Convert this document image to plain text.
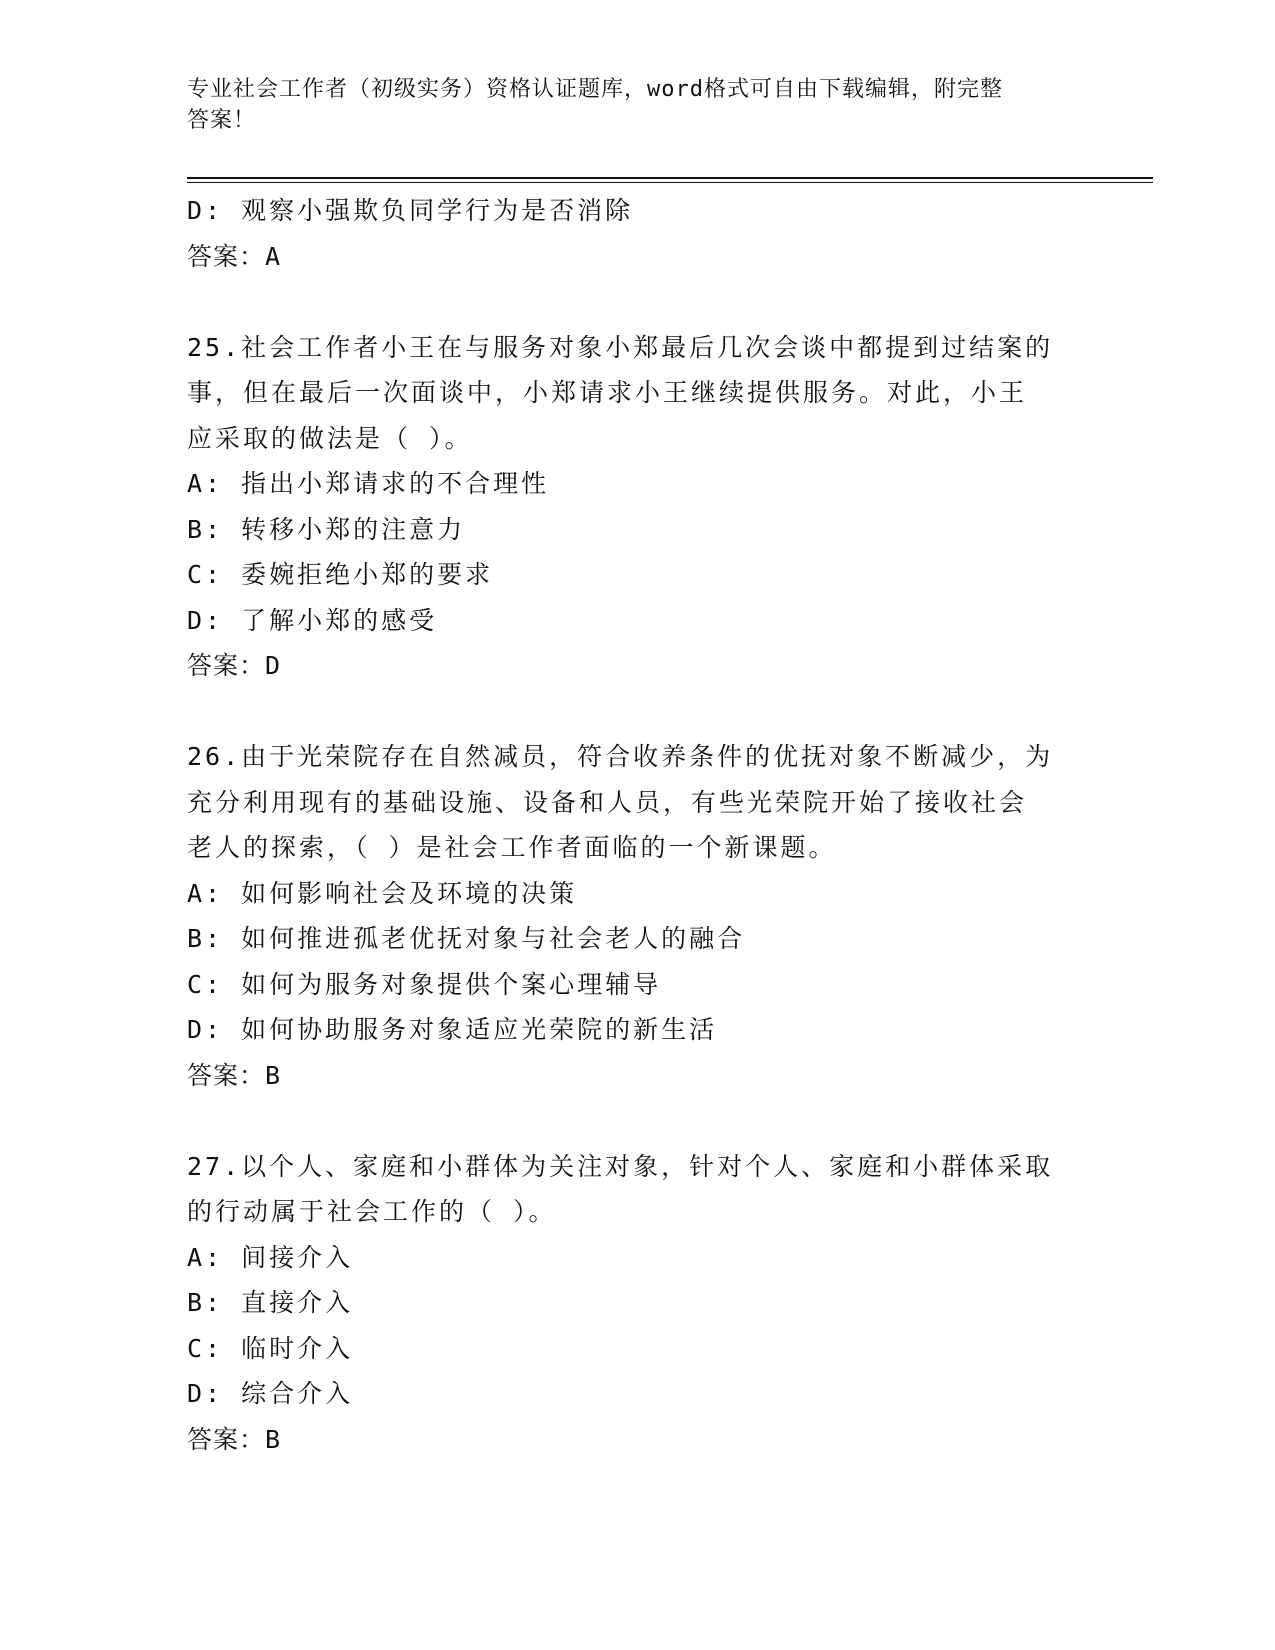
专业社会工作者（初级实务）资格认证题库，word格式可自由下载编辑，附完整
答案！
D: 观察小强欺负同学行为是否消除
答案：A
25.社会工作者小王在与服务对象小郑最后几次会谈中都提到过结案的
事，但在最后一次面谈中，小郑请求小王继续提供服务。对此，小王
应采取的做法是（ ）。
A: 指出小郑请求的不合理性
B: 转移小郑的注意力
C: 委婉拒绝小郑的要求
D: 了解小郑的感受
答案：D
26.由于光荣院存在自然减员，符合收养条件的优抚对象不断减少，为
充分利用现有的基础设施、设备和人员，有些光荣院开始了接收社会
老人的探索，（ ）是社会工作者面临的一个新课题。
A: 如何影响社会及环境的决策
B: 如何推进孤老优抚对象与社会老人的融合
C: 如何为服务对象提供个案心理辅导
D: 如何协助服务对象适应光荣院的新生活
答案：B
27.以个人、家庭和小群体为关注对象，针对个人、家庭和小群体采取
的行动属于社会工作的（ ）。
A: 间接介入
B: 直接介入
C: 临时介入
D: 综合介入
答案：B
